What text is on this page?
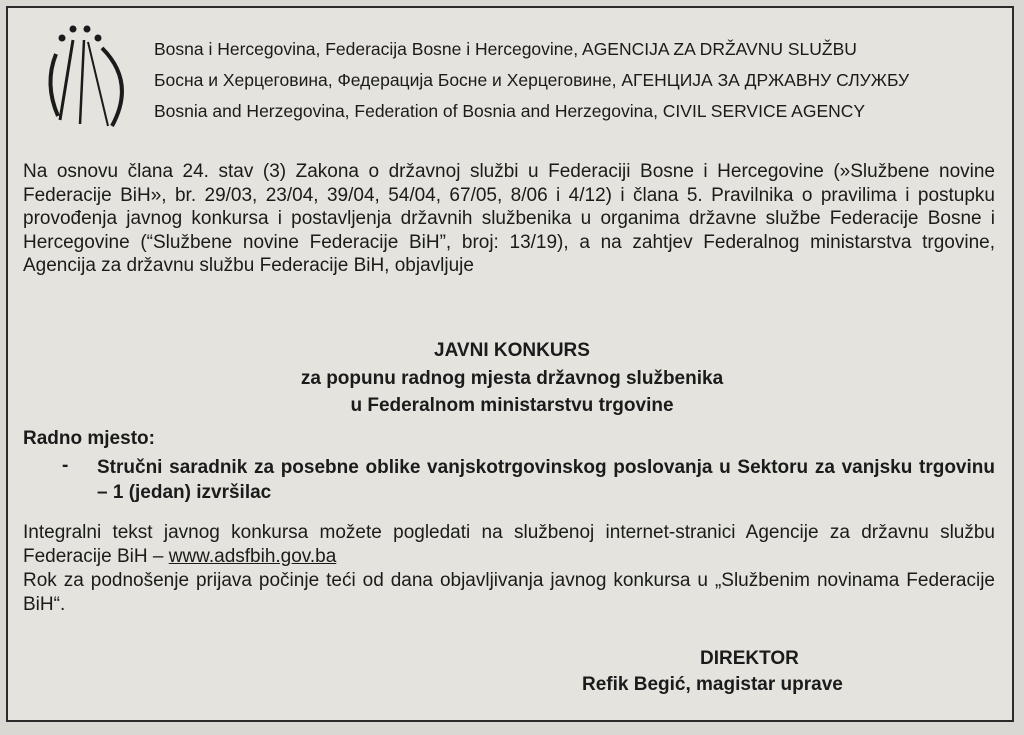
Bosna i Hercegovina, Federacija Bosne i Hercegovine, AGENCIJA ZA DRŽAVNU SLUŽBU
Босна и Херцеговина, Федерација Босне и Херцеговине, АГЕНЦИЈА ЗА ДРЖАВНУ СЛУЖБУ
Bosnia and Herzegovina, Federation of Bosnia and Herzegovina, CIVIL SERVICE AGENCY

Na osnovu člana 24. stav (3) Zakona o državnoj službi u Federaciji Bosne i Hercegovine (»Službene novine Federacije BiH», br. 29/03, 23/04, 39/04, 54/04, 67/05, 8/06 i 4/12) i člana 5. Pravilnika o pravilima i postupku provođenja javnog konkursa i postavljenja državnih službenika u organima državne službe Federacije Bosne i Hercegovine (“Službene novine Federacije BiH”, broj: 13/19), a na zahtjev Federalnog ministarstva trgovine, Agencija za državnu službu Federacije BiH, objavljuje

JAVNI KONKURS
za popunu radnog mjesta državnog službenika
u Federalnom ministarstvu trgovine

Radno mjesto:

- Stručni saradnik za posebne oblike vanjskotrgovinskog poslovanja u Sektoru za vanjsku trgovinu – 1 (jedan) izvršilac

Integralni tekst javnog konkursa možete pogledati na službenoj internet-stranici Agencije za državnu službu Federacije BiH – www.adsfbih.gov.ba

Rok za podnošenje prijava počinje teći od dana objavljivanja javnog konkursa u „Službenim novinama Federacije BiH“.

DIREKTOR

Refik Begić, magistar uprave
